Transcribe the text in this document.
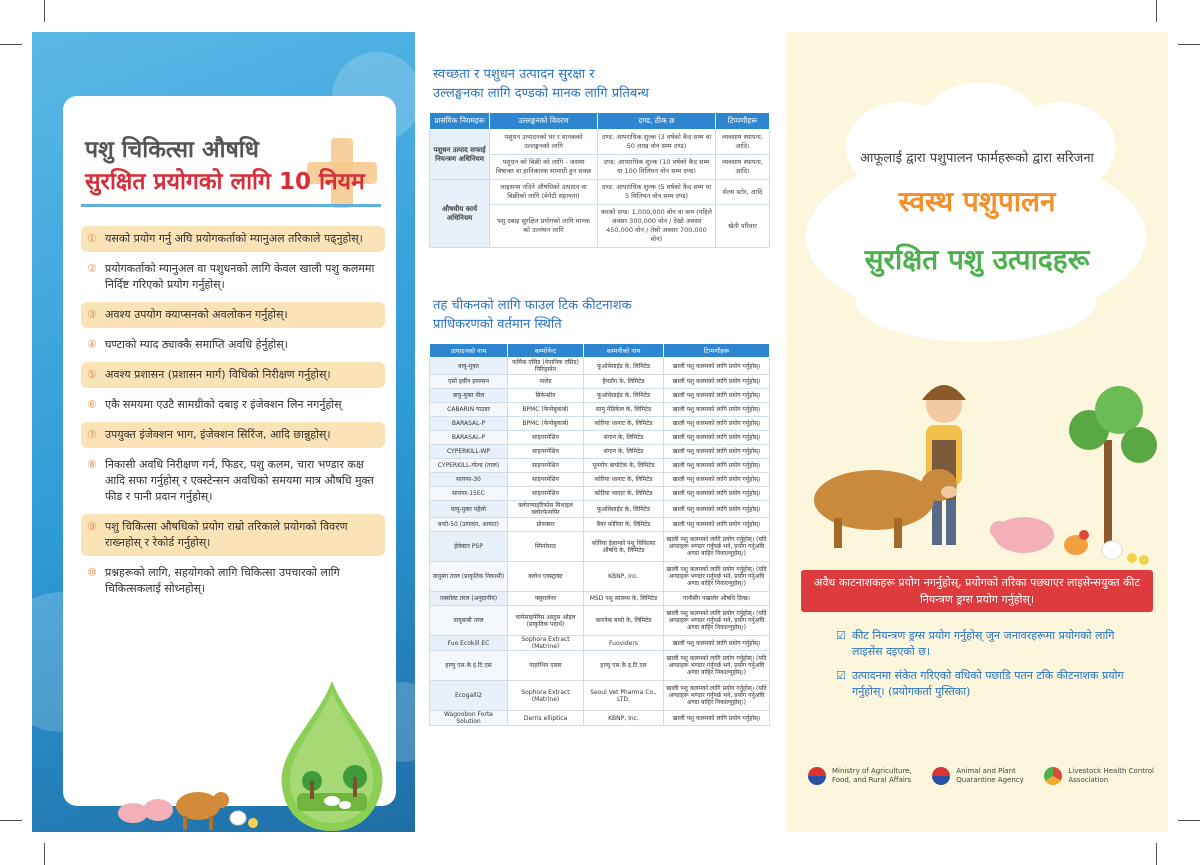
पशु चिकित्सा औषधि
सुरक्षित प्रयोगको लागि 10 नियम
① यसको प्रयोग गर्नु अघि प्रयोगकर्ताको म्यानुअल तरिकाले पढ्नुहोस्।
② प्रयोगकर्ताको म्यानुअल वा पशुधनको लागि केवल खाली पशु कलममा निर्दिष्ट गरिएको प्रयोग गर्नुहोस्।
③ अवश्य उपयोग क्याप्सनको अवलोकन गर्नुहोस्।
④ घण्टाको म्याद ठ्याक्कै समाप्ति अवधि हेर्नुहोस्।
⑤ अवश्य प्रशासन (प्रशासन मार्ग) विधिको निरीक्षण गर्नुहोस्।
⑥ एकै समयमा एउटै सामग्रीको दबाइ र इंजेक्शन लिन नगर्नुहोस्
⑦ उपयुक्त इंजेक्शन भाग, इंजेक्शन सिरिंज, आदि छान्नुहोस्।
⑧ निकासी अवधि निरीक्षण गर्न, फिडर, पशु कलम, चारा भण्डार कक्ष आदि सफा गर्नुहोस् र एक्स्टेन्सन अवधिको समयमा मात्र औषधि मुक्त फीड र पानी प्रदान गर्नुहोस्।
⑨ पशु चिकित्सा औषधिको प्रयोग राम्रो तरिकाले प्रयोगको विवरण राख्नहोस् र रेकोर्ड गर्नुहोस्।
⑩ प्रश्नहरूको लागि, सहयोगको लागि चिकित्सा उपचारको लागि चिकित्सकलाई सोध्नहोस्।
स्वच्छता र पशुधन उत्पादन सुरक्षा र
उल्लङ्घनका लागि दण्डको मानक लागि प्रतिबन्ध
प्रासंगिक नियमहरू	उल्लङ्घनको विवरण	दण्ड, ठीक छ	टिप्पणीहरू
पशुधन उत्पाद सफाई नियन्त्रण अधिनियम	पशुधन उत्पादनको घर र मानकको उल्लङ्घनको लागि	दण्ड: आपराधिक शुल्क (3 वर्षको कैद सम्म वा 50 लाख वोन सम्म दण्ड)	व्यवसाय स्थापना, आदि।
	पशुधन को बिक्री को लागि - जसमा विषाक्त वा हानिकारक सामाग्री हुन सक्छ	दण्ड: आपराधिक शुल्क (10 वर्षको कैद सम्म या 100 मिलियन वोन सम्म दण्ड)	व्यवसाय स्थापना, आदि।
औषधीय कार्य अधिनियम	लाइसन्स नदिने औषधिको उत्पादन वा बिक्रीको लागि (बेनेटी सहायता)	दण्ड: आपराधिक शुल्क (5 वर्षको कैद सम्म या 5 मिलियन वोन सम्म दण्ड)	सेल्स स्टोर, आदि
	पशु दबाइ सुरक्षित प्रयोगको लागि मानक को उल्लंघन लागि	करको दण्ड: 1,000,000 वोन वा कम (पहिले अवसर 300,000 वोन / देखो अवसर 450,000 वोन / तेस्रो अवसर 700,000 वोन)	खेती परिवार
तह चीकनको लागि फाउल टिक कीटनाशक
प्राधिकरणको वर्तमान स्थिति
उत्पादनको नाम	कम्पोनेन्ट	कम्पनीको नाम	टिप्पणीहरू
वायु-मुक्त	फर्मिक एसिड (नेपानिक एसिड) पिरिड्स्वेन	फूओवेसाईड के, लिमिटेड	खाली पशु कलमको लागि प्रयोग गर्नुहोस्।
एसो हर्वीन इमल्सन	नालेड	हैनडोंग के, लिमिटेड	खाली पशु कलमको लागि प्रयोग गर्नुहोस्।
वायु-मुक्त नील	बिफेन्थ्रीन	फूओवेसाईड के, लिमिटेड	खाली पशु कलमको लागि प्रयोग गर्नुहोस्।
CABARIN पाउडर	BPMC (फेनोबुकार्ब)	सामु मेडिकेल के, लिमिटेड	खाली पशु कलमको लागि प्रयोग गर्नुहोस्।
BARASAL-P	BPMC (फेनोबुकार्ब)	कोरिया ध्वनाट के, लिमिटेड	खाली पशु कलमको लागि प्रयोग गर्नुहोस्।
BARASAL-P	साइपरमेथ्रिन	संगान के, लिमिटेड	खाली पशु कलमको लागि प्रयोग गर्नुहोस्।
CYPERKILL-WP	साइपरमेथ्रिन	संगान के, लिमिटेड	खाली पशु कलमको लागि प्रयोग गर्नुहोस्।
CYPERKILL-गोल्ड (तरल)	साइपरमेथ्रिन	यूनगोंग बायोटेक के, लिमिटेड	खाली पशु कलमको लागि प्रयोग गर्नुहोस्।
सायपर-30	साइपरमेथ्रिन	कोरिया ध्वनाट के, लिमिटेड	खाली पशु कलमको लागि प्रयोग गर्नुहोस्।
सायपर-15EC	साइपरमेथ्रिन	कोरिया ध्वनाट के, लिमिटेड	खाली पशु कलमको लागि प्रयोग गर्नुहोस्।
वायु-मुक्त पहेंलो	क्लोरप्याइरिफोस मिथाइल क्लोरफेनापिर	फूओवेसाईड के, लिमिटेड	खाली पशु कलमको लागि प्रयोग गर्नुहोस्।
बन्दो-50 (उत्पादन, आयात)	प्रोपक्सर	बैयर कोरिया के, लिमिटेड	खाली पशु कलमको लागि प्रयोग गर्नुहोस्।
ईलेक्टर PSP	स्पिनोसाड	कोरिया ईलान्को पशु चिकित्सा औषधि के, लिमिटेड	खाली पशु कलमको लागि प्रयोग गर्नुहोस्। (यदि अण्डाहरू भण्डार गर्नुपर्छ भने, प्रयोग गर्नुअघि अण्डा बाहिर निकाल्नुहोस्।)
वायुबंग तरल (प्राकृतिक निकासी)	क्लोथ एक्स्ट्राक्ट	KBNP, Inc.	खाली पशु कलमको लागि प्रयोग गर्नुहोस्। (यदि अण्डाहरू भण्डार गर्नुपर्छ भने, प्रयोग गर्नुअघि अण्डा बाहिर निकाल्नुहोस्।)
एक्सोल्ट तरल (अनुदानीय)	फ्लुरालेनर	MSD पशु स्वास्थ्य के, लिमिटेड	पानीसँग पखालेर औषधि दिन्छ।
वायुबाबी तरल	चामेसाइपेरिस अब्टुस ओइल (प्राकृतिक पदार्थ)	कारनेक बायो के, लिमिटेड	खाली पशु कलमको लागि प्रयोग गर्नुहोस्। (यदि अण्डाहरू भण्डार गर्नुपर्छ भने, प्रयोग गर्नुअघि अण्डा बाहिर निकाल्नुहोस्।)
Fuo Ecokill EC	Sophora Extract (Matrine)	Fuoviders	खाली पशु कलमको लागि प्रयोग गर्नुहोस्।
हान्यु एस.के इ.टि.एस	पाइरेथिन एसस	हान्यु एस.के इ.टि.एस	खाली पशु कलमको लागि प्रयोग गर्नुहोस्। (यदि अण्डाहरू भण्डार गर्नुपर्छ भने, प्रयोग गर्नुअघि अण्डा बाहिर निकाल्नुहोस्।)
Ecogalli2	Sophora Extract (Matrine)	Seoul Vet Pharma Co., LTD.	खाली पशु कलमको लागि प्रयोग गर्नुहोस्। (यदि अण्डाहरू भण्डार गर्नुपर्छ भने, प्रयोग गर्नुअघि अण्डा बाहिर निकाल्नुहोस्।)
Wagoobon Forte Solution	Derris elliptica	KBNP, Inc.	खाली पशु कलमको लागि प्रयोग गर्नुहोस्।
आफूलाई द्वारा पशुपालन फार्महरूको द्वारा सरिजना
स्वस्थ पशुपालन
सुरक्षित पशु उत्पादहरू
अवैध काटनाशकहरू प्रयोग नगर्नुहोस्, प्रयोगको तरिका पछ्याएर लाइसेन्सयुक्त कीट नियन्त्रण ड्रग्स प्रयोग गर्नुहोस्।
☑ कीट नियन्त्रण ड्रग्स प्रयोग गर्नुहोस् जुन जनावरहरूमा प्रयोगको लागि लाइसेंस दइएको छ।
☑ उत्पादनमा संकेत गरिएको वधिको पछाडि पतन टकि कीटनाशक प्रयोग गर्नुहोस्। (प्रयोगकर्ता पुस्तिका)
Ministry of Agriculture,
Food, and Rural Affairs
Animal and Plant
Quarantine Agency
Livestock Health Control
Association
